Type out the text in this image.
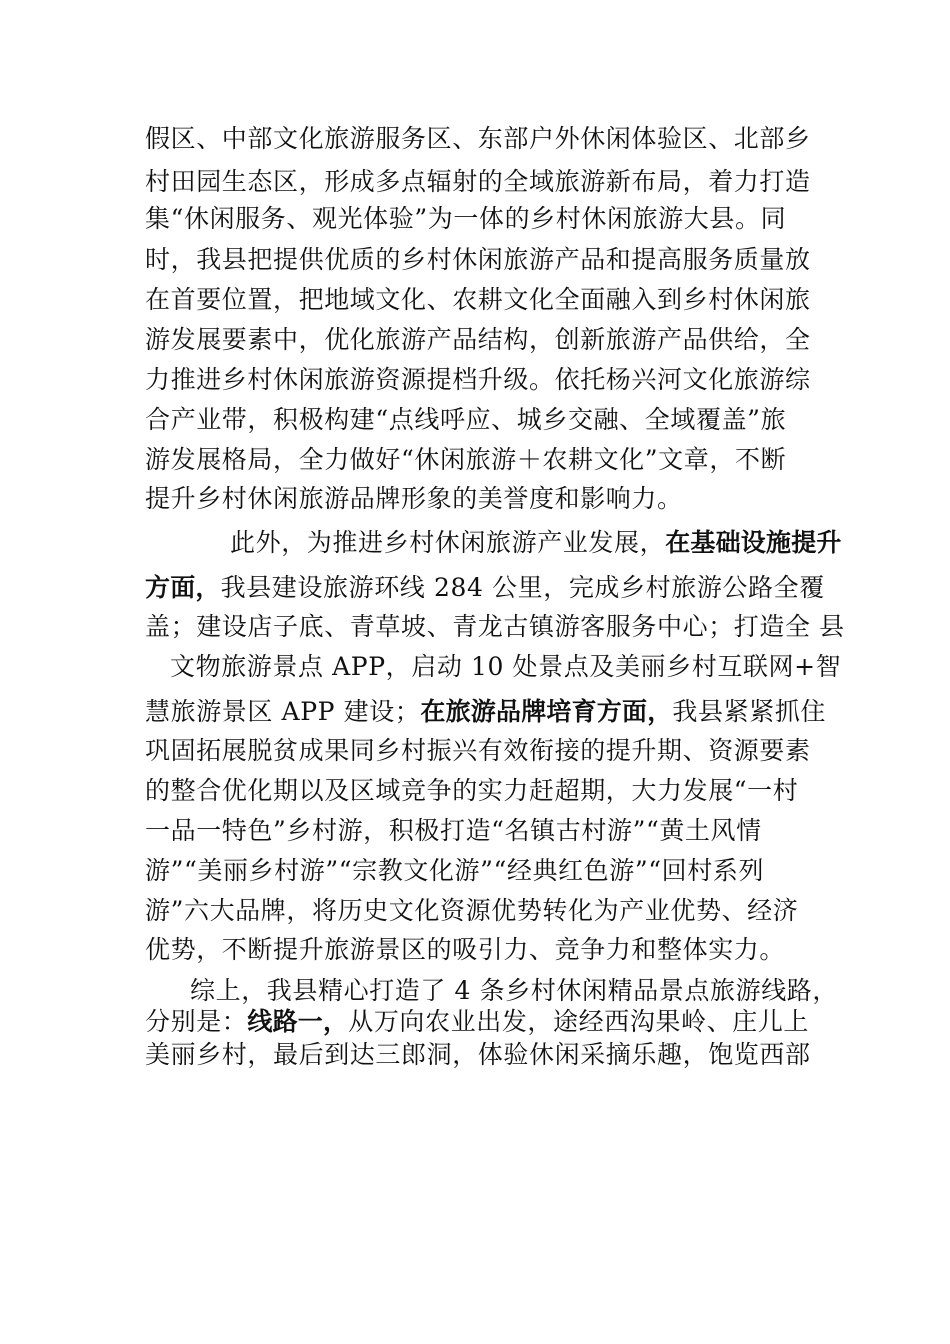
假区、中部文化旅游服务区、东部户外休闲体验区、北部乡
村田园生态区，形成多点辐射的全域旅游新布局，着力打造
集“休闲服务、观光体验”为一体的乡村休闲旅游大县。同
时，我县把提供优质的乡村休闲旅游产品和提高服务质量放
在首要位置，把地域文化、农耕文化全面融入到乡村休闲旅
游发展要素中，优化旅游产品结构，创新旅游产品供给，全
力推进乡村休闲旅游资源提档升级。依托杨兴河文化旅游综
合产业带，积极构建“点线呼应、城乡交融、全域覆盖”旅
游发展格局，全力做好“休闲旅游＋农耕文化”文章，不断
提升乡村休闲旅游品牌形象的美誉度和影响力。
此外，为推进乡村休闲旅游产业发展，在基础设施提升
方面，我县建设旅游环线 284 公里，完成乡村旅游公路全覆
盖；建设店子底、青草坡、青龙古镇游客服务中心；打造全 县
文物旅游景点 APP，启动 10 处景点及美丽乡村互联网+智
慧旅游景区 APP 建设；在旅游品牌培育方面，我县紧紧抓住
巩固拓展脱贫成果同乡村振兴有效衔接的提升期、资源要素
的整合优化期以及区域竞争的实力赶超期，大力发展“一村
一品一特色”乡村游，积极打造“名镇古村游”“黄土风情
游”“美丽乡村游”“宗教文化游”“经典红色游”“回村系列
游”六大品牌，将历史文化资源优势转化为产业优势、经济
优势，不断提升旅游景区的吸引力、竞争力和整体实力。
综上，我县精心打造了 4 条乡村休闲精品景点旅游线路，
分别是：线路一，从万向农业出发，途经西沟果岭、庄儿上
美丽乡村，最后到达三郎洞，体验休闲采摘乐趣，饱览西部
